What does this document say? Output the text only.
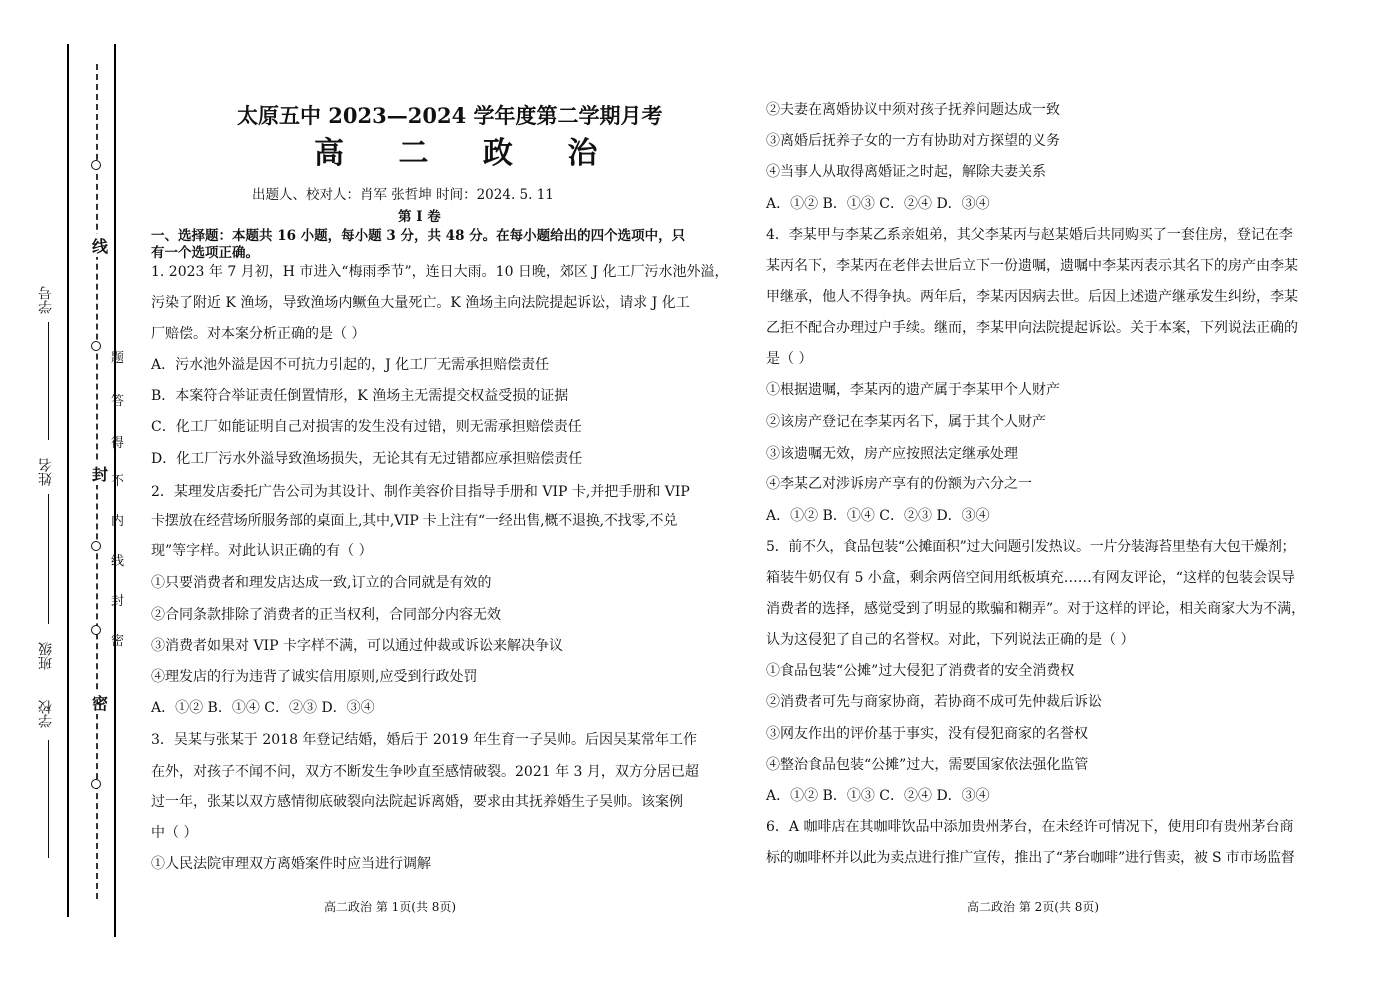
线
封
密
题
答
得
不
内
线
封
密
学号
姓名
班级
学校
太原五中 2023—2024 学年度第二学期月考
高 二 政 治
出题人、校对人：肖军 张哲坤 时间：2024. 5. 11
第 I 卷
一、选择题：本题共 16 小题，每小题 3 分，共 48 分。在每小题给出的四个选项中，只
有一个选项正确。
1. 2023 年 7 月初，H 市进入“梅雨季节”，连日大雨。10 日晚，郊区 J 化工厂污水池外溢，
污染了附近 K 渔场，导致渔场内鳜鱼大量死亡。K 渔场主向法院提起诉讼，请求 J 化工
厂赔偿。对本案分析正确的是（ ）
A．污水池外溢是因不可抗力引起的，J 化工厂无需承担赔偿责任
B．本案符合举证责任倒置情形，K 渔场主无需提交权益受损的证据
C．化工厂如能证明自己对损害的发生没有过错，则无需承担赔偿责任
D．化工厂污水外溢导致渔场损失，无论其有无过错都应承担赔偿责任
2．某理发店委托广告公司为其设计、制作美容价目指导手册和 VIP 卡,并把手册和 VIP
卡摆放在经营场所服务部的桌面上,其中,VIP 卡上注有“一经出售,概不退换,不找零,不兑
现”等字样。对此认识正确的有（ ）
①只要消费者和理发店达成一致,订立的合同就是有效的
②合同条款排除了消费者的正当权利，合同部分内容无效
③消费者如果对 VIP 卡字样不满，可以通过仲裁或诉讼来解决争议
④理发店的行为违背了诚实信用原则,应受到行政处罚
A．①② B．①④ C．②③ D．③④
3．吴某与张某于 2018 年登记结婚，婚后于 2019 年生育一子吴帅。后因吴某常年工作
在外，对孩子不闻不问，双方不断发生争吵直至感情破裂。2021 年 3 月，双方分居已超
过一年，张某以双方感情彻底破裂向法院起诉离婚，要求由其抚养婚生子吴帅。该案例
中（ ）
①人民法院审理双方离婚案件时应当进行调解
②夫妻在离婚协议中须对孩子抚养问题达成一致
③离婚后抚养子女的一方有协助对方探望的义务
④当事人从取得离婚证之时起，解除夫妻关系
A．①② B．①③ C．②④ D．③④
4．李某甲与李某乙系亲姐弟，其父李某丙与赵某婚后共同购买了一套住房，登记在李
某丙名下，李某丙在老伴去世后立下一份遗嘱，遗嘱中李某丙表示其名下的房产由李某
甲继承，他人不得争执。两年后，李某丙因病去世。后因上述遗产继承发生纠纷，李某
乙拒不配合办理过户手续。继而，李某甲向法院提起诉讼。关于本案，下列说法正确的
是（ ）
①根据遗嘱，李某丙的遗产属于李某甲个人财产
②该房产登记在李某丙名下，属于其个人财产
③该遗嘱无效，房产应按照法定继承处理
④李某乙对涉诉房产享有的份额为六分之一
A．①② B．①④ C．②③ D．③④
5．前不久，食品包装“公摊面积”过大问题引发热议。一片分装海苔里垫有大包干燥剂；
箱装牛奶仅有 5 小盒，剩余两倍空间用纸板填充……有网友评论，“这样的包装会误导
消费者的选择，感觉受到了明显的欺骗和糊弄”。对于这样的评论，相关商家大为不满，
认为这侵犯了自己的名誉权。对此，下列说法正确的是（ ）
①食品包装“公摊”过大侵犯了消费者的安全消费权
②消费者可先与商家协商，若协商不成可先仲裁后诉讼
③网友作出的评价基于事实，没有侵犯商家的名誉权
④整治食品包装“公摊”过大，需要国家依法强化监管
A．①② B．①③ C．②④ D．③④
6．A 咖啡店在其咖啡饮品中添加贵州茅台，在未经许可情况下，使用印有贵州茅台商
标的咖啡杯并以此为卖点进行推广宣传，推出了“茅台咖啡”进行售卖，被 S 市市场监督
高二政治 第 1页(共 8页)	高二政治 第 2页(共 8页)
